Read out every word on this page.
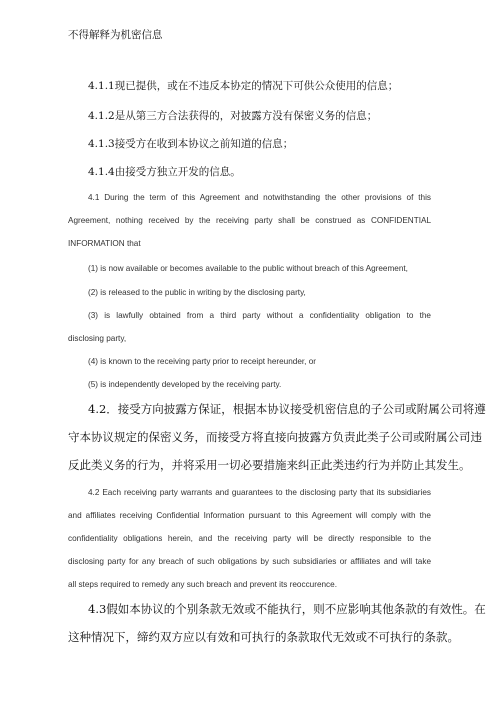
不得解释为机密信息
4.1.1现已提供，或在不违反本协定的情况下可供公众使用的信息；
4.1.2是从第三方合法获得的，对披露方没有保密义务的信息；
4.1.3接受方在收到本协议之前知道的信息；
4.1.4由接受方独立开发的信息。
4.1 During the term of this Agreement and notwithstanding the other provisions of this
Agreement, nothing received by the receiving party shall be construed as CONFIDENTIAL
INFORMATION that
(1) is now available or becomes available to the public without breach of this Agreement,
(2) is released to the public in writing by the disclosing party,
(3) is lawfully obtained from a third party without a confidentiality obligation to the
disclosing party,
(4) is known to the receiving party prior to receipt hereunder, or
(5) is independently developed by the receiving party.
4.2．接受方向披露方保证，根据本协议接受机密信息的子公司或附属公司将遵
守本协议规定的保密义务，而接受方将直接向披露方负责此类子公司或附属公司违
反此类义务的行为，并将采用一切必要措施来纠正此类违约行为并防止其发生。
4.2 Each receiving party warrants and guarantees to the disclosing party that its subsidiaries
and affiliates receiving Confidential Information pursuant to this Agreement will comply with the
confidentiality obligations herein, and the receiving party will be directly responsible to the
disclosing party for any breach of such obligations by such subsidiaries or affiliates and will take
all steps required to remedy any such breach and prevent its reoccurence.
4.3假如本协议的个别条款无效或不能执行，则不应影响其他条款的有效性。在
这种情况下，缔约双方应以有效和可执行的条款取代无效或不可执行的条款。
